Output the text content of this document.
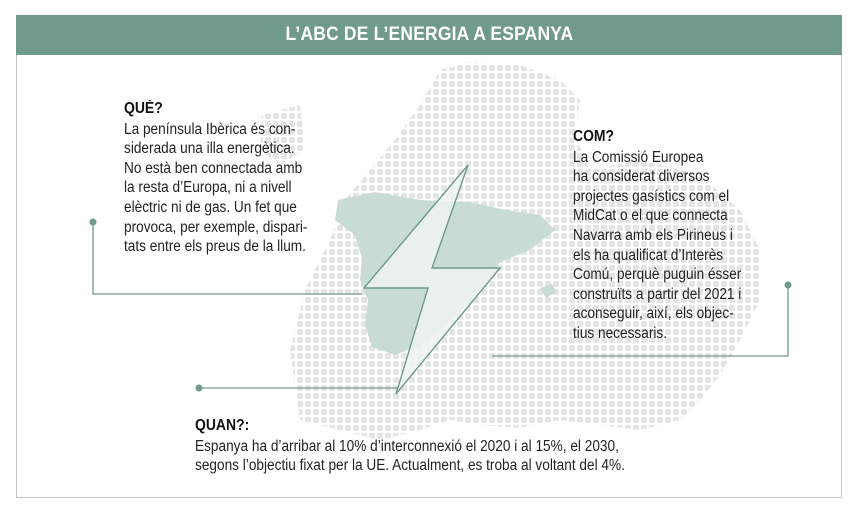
L’ABC DE L’ENERGIA A ESPANYA
QUÈ?
La península Ibèrica és con-
siderada una illa energètica.
No està ben connectada amb
la resta d’Europa, ni a nivell
elèctric ni de gas. Un fet que
provoca, per exemple, dispari-
tats entre els preus de la llum.
COM?
La Comissió Europea
ha considerat diversos
projectes gasístics com el
MidCat o el que connecta
Navarra amb els Pirineus i
els ha qualificat d’Interès
Comú, perquè puguin ésser
construïts a partir del 2021 i
aconseguir, així, els objec-
tius necessaris.
QUAN?:
Espanya ha d’arribar al 10% d’interconnexió el 2020 i al 15%, el 2030,
segons l’objectiu fixat per la UE. Actualment, es troba al voltant del 4%.
